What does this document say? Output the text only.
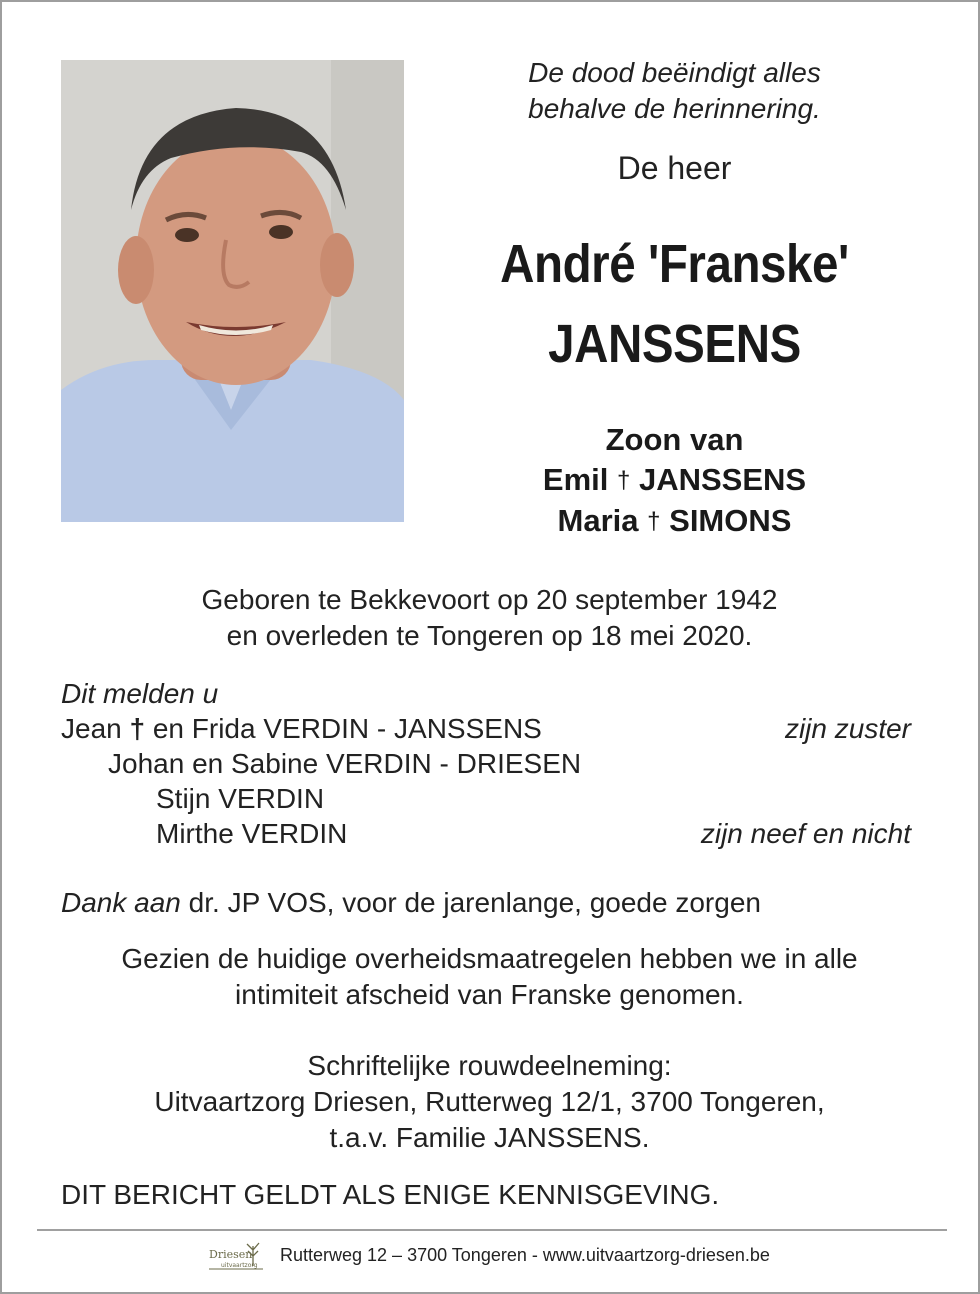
De dood beëindigt alles
behalve de herinnering.
De heer
André 'Franske'
JANSSENS
Zoon van
Emil † JANSSENS
Maria † SIMONS
Geboren te Bekkevoort op 20 september 1942
en overleden te Tongeren op 18 mei 2020.
Dit melden u
Jean † en Frida VERDIN - JANSSENS	zijn zuster
Johan en Sabine VERDIN - DRIESEN
Stijn VERDIN
Mirthe VERDIN	zijn neef en nicht
Dank aan dr. JP VOS, voor de jarenlange, goede zorgen
Gezien de huidige overheidsmaatregelen hebben we in alle
intimiteit afscheid van Franske genomen.
Schriftelijke rouwdeelneming:
Uitvaartzorg Driesen, Rutterweg 12/1, 3700 Tongeren,
t.a.v. Familie JANSSENS.
DIT BERICHT GELDT ALS ENIGE KENNISGEVING.
Driesen
uitvaartzorg
Rutterweg 12 – 3700 Tongeren - www.uitvaartzorg-driesen.be
